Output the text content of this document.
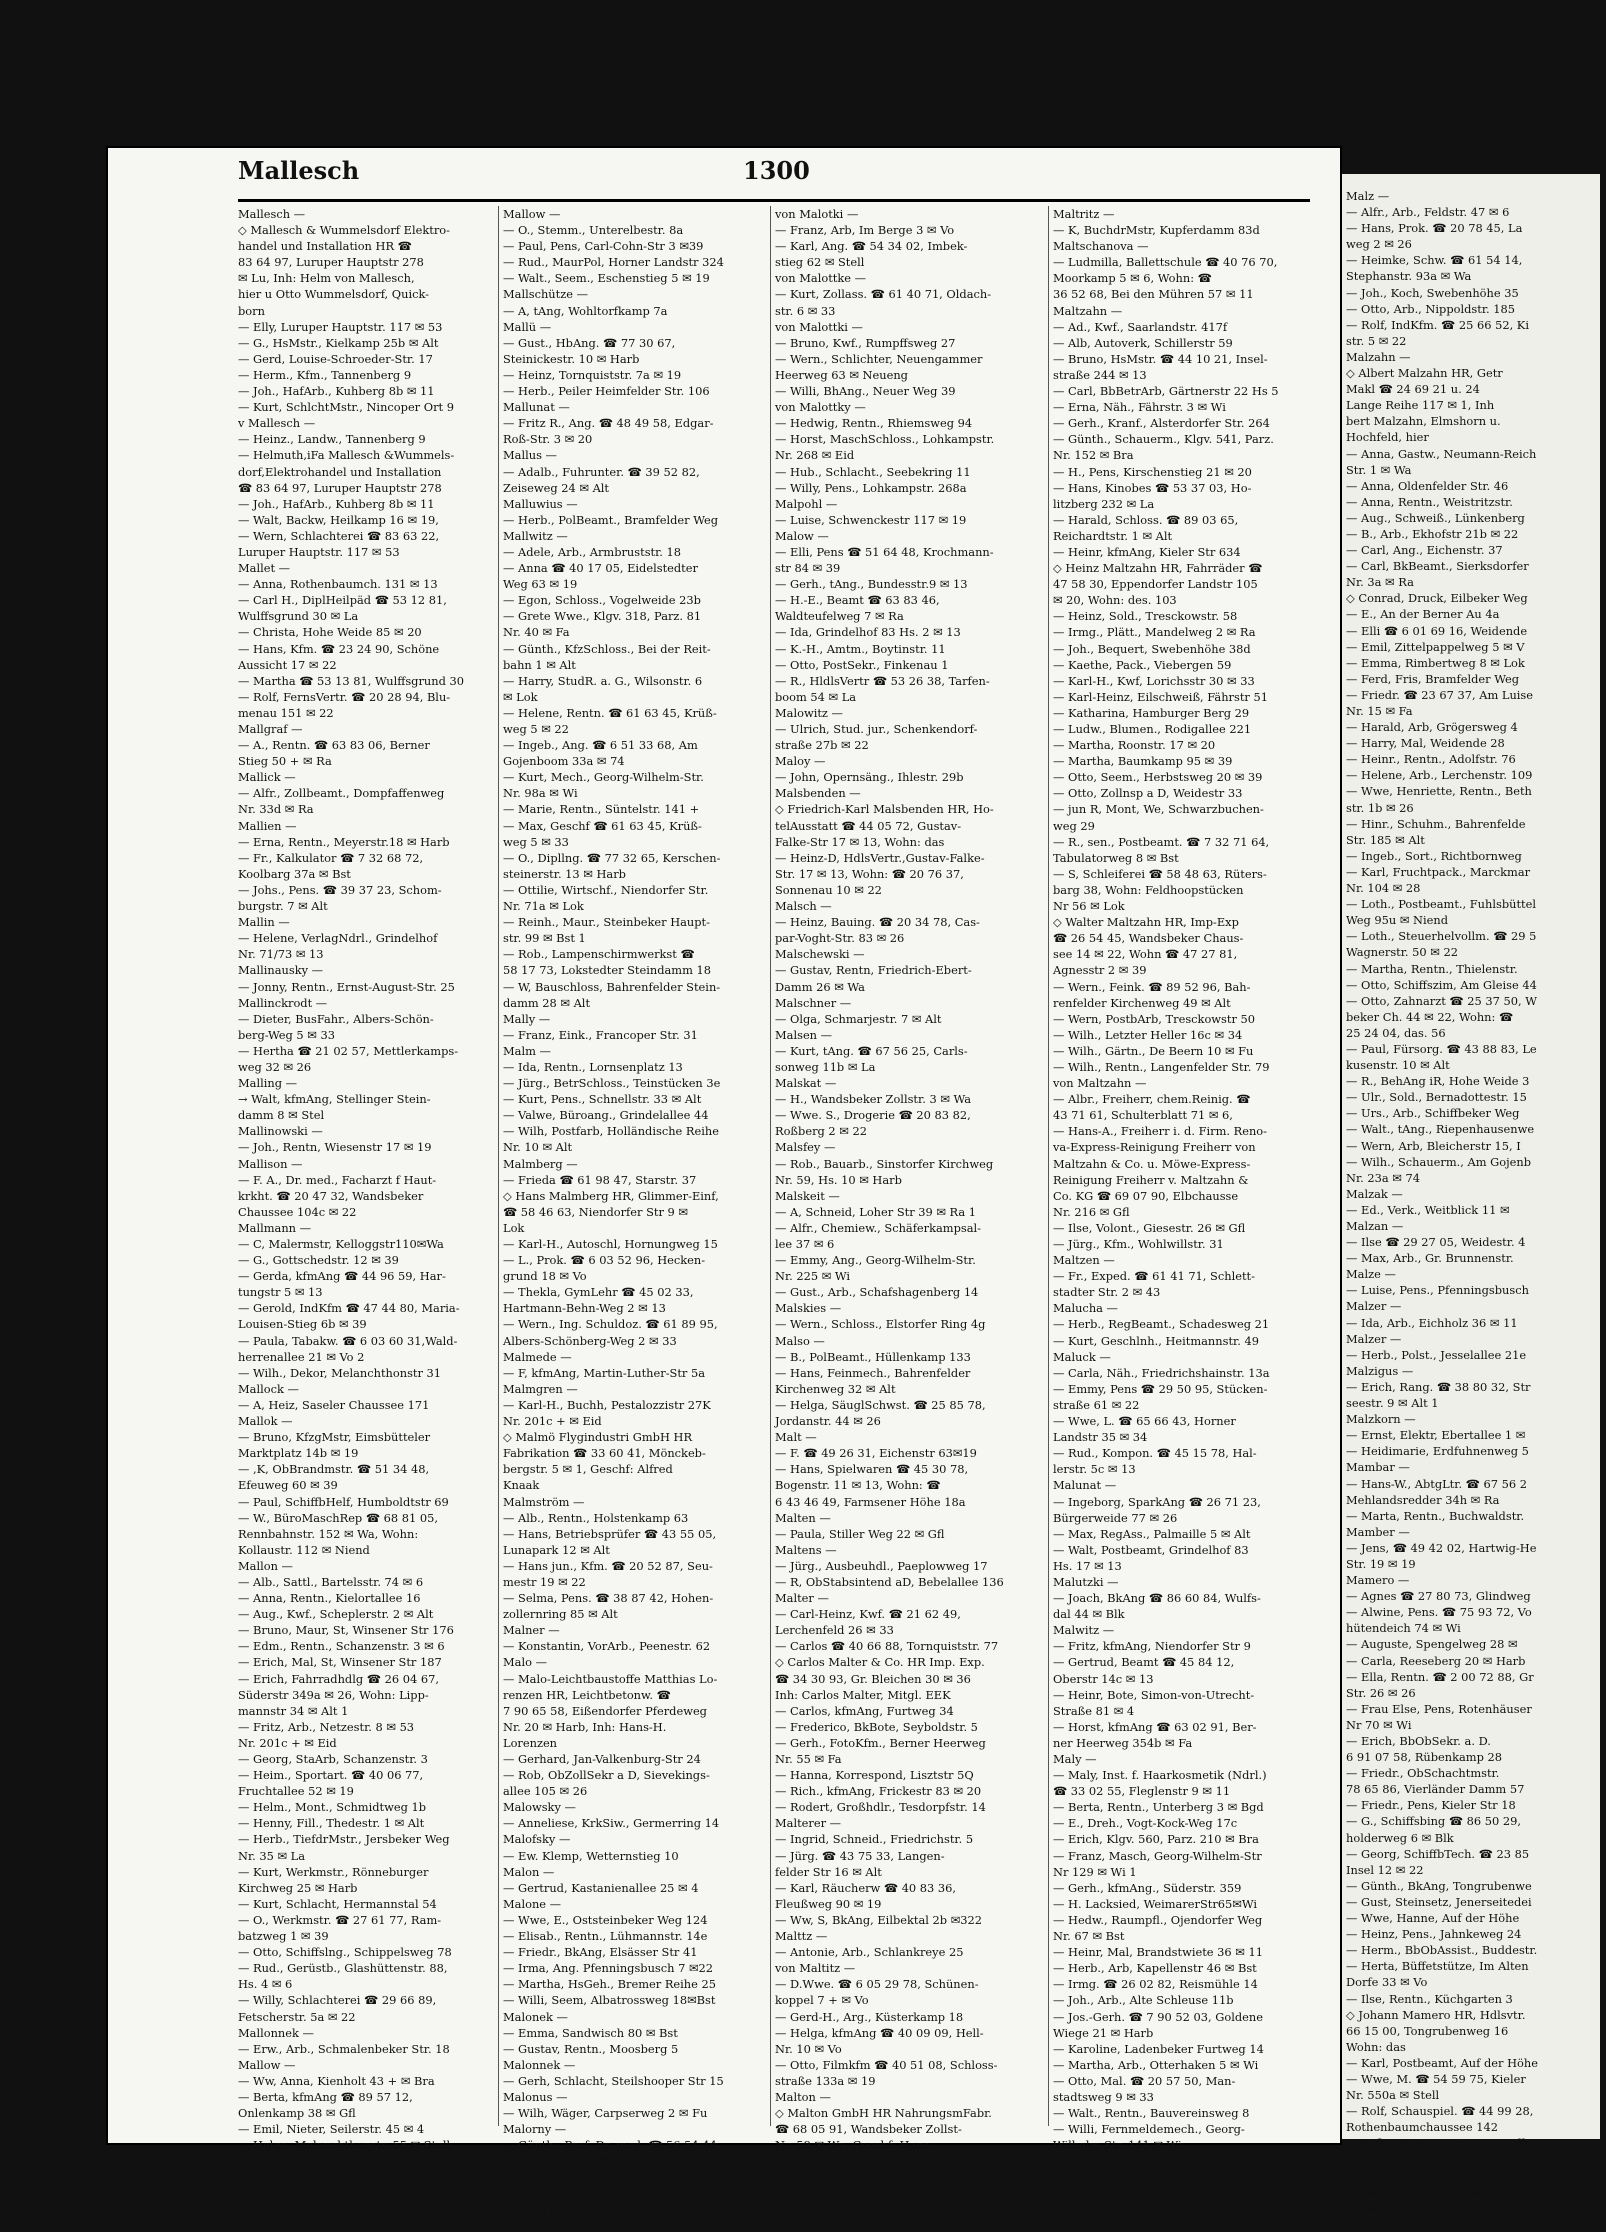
Malz —
— Alfr., Arb., Feldstr. 47 ✉ 6
— Hans, Prok. ☎ 20 78 45, La
weg 2 ✉ 26
— Heimke, Schw. ☎ 61 54 14,
Stephanstr. 93a ✉ Wa
— Joh., Koch, Swebenhöhe 35
— Otto, Arb., Nippoldstr. 185
— Rolf, IndKfm. ☎ 25 66 52, Ki
str. 5 ✉ 22
Malzahn —
◇ Albert Malzahn HR, Getr
Makl ☎ 24 69 21 u. 24
Lange Reihe 117 ✉ 1, Inh
bert Malzahn, Elmshorn u.
Hochfeld, hier
— Anna, Gastw., Neumann-Reich
Str. 1 ✉ Wa
— Anna, Oldenfelder Str. 46
— Anna, Rentn., Weistritzstr.
— Aug., Schweiß., Lünkenberg
— B., Arb., Ekhofstr 21b ✉ 22
— Carl, Ang., Eichenstr. 37
— Carl, BkBeamt., Sierksdorfer
Nr. 3a ✉ Ra
◇ Conrad, Druck, Eilbeker Weg
— E., An der Berner Au 4a
— Elli ☎ 6 01 69 16, Weidende
— Emil, Zittelpappelweg 5 ✉ V
— Emma, Rimbertweg 8 ✉ Lok
— Ferd, Fris, Bramfelder Weg
— Friedr. ☎ 23 67 37, Am Luise
Nr. 15 ✉ Fa
— Harald, Arb, Grögersweg 4
— Harry, Mal, Weidende 28
— Heinr., Rentn., Adolfstr. 76
— Helene, Arb., Lerchenstr. 109
— Wwe, Henriette, Rentn., Beth
str. 1b ✉ 26
— Hinr., Schuhm., Bahrenfelde
Str. 185 ✉ Alt
— Ingeb., Sort., Richtbornweg
— Karl, Fruchtpack., Marckmar
Nr. 104 ✉ 28
— Loth., Postbeamt., Fuhlsbüttel
Weg 95u ✉ Niend
— Loth., Steuerhelvollm. ☎ 29 5
Wagnerstr. 50 ✉ 22
— Martha, Rentn., Thielenstr.
— Otto, Schiffszim, Am Gleise 44
— Otto, Zahnarzt ☎ 25 37 50, W
beker Ch. 44 ✉ 22, Wohn: ☎
25 24 04, das. 56
— Paul, Fürsorg. ☎ 43 88 83, Le
kusenstr. 10 ✉ Alt
— R., BehAng iR, Hohe Weide 3
— Ulr., Sold., Bernadottestr. 15
— Urs., Arb., Schiffbeker Weg
— Walt., tAng., Riepenhausenwe
— Wern, Arb, Bleicherstr 15, I
— Wilh., Schauerm., Am Gojenb
Nr. 23a ✉ 74
Malzak —
— Ed., Verk., Weitblick 11 ✉
Malzan —
— Ilse ☎ 29 27 05, Weidestr. 4
— Max, Arb., Gr. Brunnenstr.
Malze —
— Luise, Pens., Pfenningsbusch
Malzer —
— Ida, Arb., Eichholz 36 ✉ 11
Malzer —
— Herb., Polst., Jesselallee 21e
Malzigus —
— Erich, Rang. ☎ 38 80 32, Str
seestr. 9 ✉ Alt 1
Malzkorn —
— Ernst, Elektr, Ebertallee 1 ✉
— Heidimarie, Erdfuhnenweg 5
Mambar —
— Hans-W., AbtgLtr. ☎ 67 56 2
Mehlandsredder 34h ✉ Ra
— Marta, Rentn., Buchwaldstr.
Mamber —
— Jens, ☎ 49 42 02, Hartwig-He
Str. 19 ✉ 19
Mamero —
— Agnes ☎ 27 80 73, Glindweg
— Alwine, Pens. ☎ 75 93 72, Vo
hütendeich 74 ✉ Wi
— Auguste, Spengelweg 28 ✉
— Carla, Reeseberg 20 ✉ Harb
— Ella, Rentn. ☎ 2 00 72 88, Gr
Str. 26 ✉ 26
— Frau Else, Pens, Rotenhäuser
Nr 70 ✉ Wi
— Erich, BbObSekr. a. D.
6 91 07 58, Rübenkamp 28
— Friedr., ObSchachtmstr.
78 65 86, Vierländer Damm 57
— Friedr., Pens, Kieler Str 18
— G., Schiffsbing ☎ 86 50 29,
holderweg 6 ✉ Blk
— Georg, SchiffbTech. ☎ 23 85
Insel 12 ✉ 22
— Günth., BkAng, Tongrubenwe
— Gust, Steinsetz, Jenerseitedei
— Wwe, Hanne, Auf der Höhe
— Heinz, Pens., Jahnkeweg 24
— Herm., BbObAssist., Buddestr.
— Herta, Büffetstütze, Im Alten
Dorfe 33 ✉ Vo
— Ilse, Rentn., Küchgarten 3
◇ Johann Mamero HR, Hdlsvtr.
66 15 00, Tongrubenweg 16
Wohn: das
— Karl, Postbeamt, Auf der Höhe
— Wwe, M. ☎ 54 59 75, Kieler
Nr. 550a ✉ Stell
— Rolf, Schauspiel. ☎ 44 99 28,
Rothenbaumchaussee 142
— Sofie, Pens., Hermann-Kauffm
Str. 27 ✉ 33
— Urs., Kfm., Hamburger Str 20
— Walt., Rentn., Illiesweg 10
— Walter, Milchhdl ☎ 40 76 74,
Eichenstraße 43 ✉ 19
Mallesch	1300
Mallesch —
◇ Mallesch & Wummelsdorf Elektro-
handel und Installation HR ☎
83 64 97, Luruper Hauptstr 278
✉ Lu, Inh: Helm von Mallesch,
hier u Otto Wummelsdorf, Quick-
born
— Elly, Luruper Hauptstr. 117 ✉ 53
— G., HsMstr., Kielkamp 25b ✉ Alt
— Gerd, Louise-Schroeder-Str. 17
— Herm., Kfm., Tannenberg 9
— Joh., HafArb., Kuhberg 8b ✉ 11
— Kurt, SchlchtMstr., Nincoper Ort 9
v Mallesch —
— Heinz., Landw., Tannenberg 9
— Helmuth,iFa Mallesch &Wummels-
dorf,Elektrohandel und Installation
☎ 83 64 97, Luruper Hauptstr 278
— Joh., HafArb., Kuhberg 8b ✉ 11
— Walt, Backw, Heilkamp 16 ✉ 19,
— Wern, Schlachterei ☎ 83 63 22,
Luruper Hauptstr. 117 ✉ 53
Mallet —
— Anna, Rothenbaumch. 131 ✉ 13
— Carl H., DiplHeilpäd ☎ 53 12 81,
Wulffsgrund 30 ✉ La
— Christa, Hohe Weide 85 ✉ 20
— Hans, Kfm. ☎ 23 24 90, Schöne
Aussicht 17 ✉ 22
— Martha ☎ 53 13 81, Wulffsgrund 30
— Rolf, FernsVertr. ☎ 20 28 94, Blu-
menau 151 ✉ 22
Mallgraf —
— A., Rentn. ☎ 63 83 06, Berner
Stieg 50 + ✉ Ra
Mallick —
— Alfr., Zollbeamt., Dompfaffenweg
Nr. 33d ✉ Ra
Mallien —
— Erna, Rentn., Meyerstr.18 ✉ Harb
— Fr., Kalkulator ☎ 7 32 68 72,
Koolbarg 37a ✉ Bst
— Johs., Pens. ☎ 39 37 23, Schom-
burgstr. 7 ✉ Alt
Mallin —
— Helene, VerlagNdrl., Grindelhof
Nr. 71/73 ✉ 13
Mallinausky —
— Jonny, Rentn., Ernst-August-Str. 25
Mallinckrodt —
— Dieter, BusFahr., Albers-Schön-
berg-Weg 5 ✉ 33
— Hertha ☎ 21 02 57, Mettlerkamps-
weg 32 ✉ 26
Malling —
→ Walt, kfmAng, Stellinger Stein-
damm 8 ✉ Stel
Mallinowski —
— Joh., Rentn, Wiesenstr 17 ✉ 19
Mallison —
— F. A., Dr. med., Facharzt f Haut-
krkht. ☎ 20 47 32, Wandsbeker
Chaussee 104c ✉ 22
Mallmann —
— C, Malermstr, Kelloggstr110✉Wa
— G., Gottschedstr. 12 ✉ 39
— Gerda, kfmAng ☎ 44 96 59, Har-
tungstr 5 ✉ 13
— Gerold, IndKfm ☎ 47 44 80, Maria-
Louisen-Stieg 6b ✉ 39
— Paula, Tabakw. ☎ 6 03 60 31,Wald-
herrenallee 21 ✉ Vo 2
— Wilh., Dekor, Melanchthonstr 31
Mallock —
— A, Heiz, Saseler Chaussee 171
Mallok —
— Bruno, KfzgMstr, Eimsbütteler
Marktplatz 14b ✉ 19
— ,K, ObBrandmstr. ☎ 51 34 48,
Efeuweg 60 ✉ 39
— Paul, SchiffbHelf, Humboldtstr 69
— W., BüroMaschRep ☎ 68 81 05,
Rennbahnstr. 152 ✉ Wa, Wohn:
Kollaustr. 112 ✉ Niend
Mallon —
— Alb., Sattl., Bartelsstr. 74 ✉ 6
— Anna, Rentn., Kielortallee 16
— Aug., Kwf., Scheplerstr. 2 ✉ Alt
— Bruno, Maur, St, Winsener Str 176
— Edm., Rentn., Schanzenstr. 3 ✉ 6
— Erich, Mal, St, Winsener Str 187
— Erich, Fahrradhdlg ☎ 26 04 67,
Süderstr 349a ✉ 26, Wohn: Lipp-
mannstr 34 ✉ Alt 1
— Fritz, Arb., Netzestr. 8 ✉ 53
Nr. 201c + ✉ Eid
— Georg, StaArb, Schanzenstr. 3
— Heim., Sportart. ☎ 40 06 77,
Fruchtallee 52 ✉ 19
— Helm., Mont., Schmidtweg 1b
— Henny, Fill., Thedestr. 1 ✉ Alt
— Herb., TiefdrMstr., Jersbeker Weg
Nr. 35 ✉ La
— Kurt, Werkmstr., Rönneburger
Kirchweg 25 ✉ Harb
— Kurt, Schlacht, Hermannstal 54
— O., Werkmstr. ☎ 27 61 77, Ram-
batzweg 1 ✉ 39
— Otto, Schiffslng., Schippelsweg 78
— Rud., Gerüstb., Glashüttenstr. 88,
Hs. 4 ✉ 6
— Willy, Schlachterei ☎ 29 66 89,
Fetscherstr. 5a ✉ 22
Mallonnek —
— Erw., Arb., Schmalenbeker Str. 18
Mallow —
— Ww, Anna, Kienholt 43 + ✉ Bra
— Berta, kfmAng ☎ 89 57 12,
Onlenkamp 38 ✉ Gfl
— Emil, Nieter, Seilerstr. 45 ✉ 4
— Helga, Melanchthonstr. 55 ✉ Stell
— Herm., Rentn., Immanuelstieg 3
— Leonh., Mal., Trebelstr. 21 ✉ 33
— Meta, Näh., Hellkamp 26 ✉ 19
Mallow —
— O., Stemm., Unterelbestr. 8a
— Paul, Pens, Carl-Cohn-Str 3 ✉39
— Rud., MaurPol, Horner Landstr 324
— Walt., Seem., Eschenstieg 5 ✉ 19
Mallschütze —
— A, tAng, Wohltorfkamp 7a
Mallü —
— Gust., HbAng. ☎ 77 30 67,
Steinickestr. 10 ✉ Harb
— Heinz, Tornquiststr. 7a ✉ 19
— Herb., Peiler Heimfelder Str. 106
Mallunat —
— Fritz R., Ang. ☎ 48 49 58, Edgar-
Roß-Str. 3 ✉ 20
Mallus —
— Adalb., Fuhrunter. ☎ 39 52 82,
Zeiseweg 24 ✉ Alt
Malluwius —
— Herb., PolBeamt., Bramfelder Weg
Mallwitz —
— Adele, Arb., Armbruststr. 18
— Anna ☎ 40 17 05, Eidelstedter
Weg 63 ✉ 19
— Egon, Schloss., Vogelweide 23b
— Grete Wwe., Klgv. 318, Parz. 81
Nr. 40 ✉ Fa
— Günth., KfzSchloss., Bei der Reit-
bahn 1 ✉ Alt
— Harry, StudR. a. G., Wilsonstr. 6
✉ Lok
— Helene, Rentn. ☎ 61 63 45, Krüß-
weg 5 ✉ 22
— Ingeb., Ang. ☎ 6 51 33 68, Am
Gojenboom 33a ✉ 74
— Kurt, Mech., Georg-Wilhelm-Str.
Nr. 98a ✉ Wi
— Marie, Rentn., Süntelstr. 141 +
— Max, Geschf ☎ 61 63 45, Krüß-
weg 5 ✉ 33
— O., Dipllng. ☎ 77 32 65, Kerschen-
steinerstr. 13 ✉ Harb
— Ottilie, Wirtschf., Niendorfer Str.
Nr. 71a ✉ Lok
— Reinh., Maur., Steinbeker Haupt-
str. 99 ✉ Bst 1
— Rob., Lampenschirmwerkst ☎
58 17 73, Lokstedter Steindamm 18
— W, Bauschloss, Bahrenfelder Stein-
damm 28 ✉ Alt
Mally —
— Franz, Eink., Francoper Str. 31
Malm —
— Ida, Rentn., Lornsenplatz 13
— Jürg., BetrSchloss., Teinstücken 3e
— Kurt, Pens., Schnellstr. 33 ✉ Alt
— Valwe, Büroang., Grindelallee 44
— Wilh, Postfarb, Holländische Reihe
Nr. 10 ✉ Alt
Malmberg —
— Frieda ☎ 61 98 47, Starstr. 37
◇ Hans Malmberg HR, Glimmer-Einf,
☎ 58 46 63, Niendorfer Str 9 ✉
Lok
— Karl-H., Autoschl, Hornungweg 15
— L., Prok. ☎ 6 03 52 96, Hecken-
grund 18 ✉ Vo
— Thekla, GymLehr ☎ 45 02 33,
Hartmann-Behn-Weg 2 ✉ 13
— Wern., Ing. Schuldoz. ☎ 61 89 95,
Albers-Schönberg-Weg 2 ✉ 33
Malmede —
— F, kfmAng, Martin-Luther-Str 5a
Malmgren —
— Karl-H., Buchh, Pestalozzistr 27K
Nr. 201c + ✉ Eid
◇ Malmö Flygindustri GmbH HR
Fabrikation ☎ 33 60 41, Mönckeb-
bergstr. 5 ✉ 1, Geschf: Alfred
Knaak
Malmström —
— Alb., Rentn., Holstenkamp 63
— Hans, Betriebsprüfer ☎ 43 55 05,
Lunapark 12 ✉ Alt
— Hans jun., Kfm. ☎ 20 52 87, Seu-
mestr 19 ✉ 22
— Selma, Pens. ☎ 38 87 42, Hohen-
zollernring 85 ✉ Alt
Malner —
— Konstantin, VorArb., Peenestr. 62
Malo —
— Malo-Leichtbaustoffe Matthias Lo-
renzen HR, Leichtbetonw. ☎
7 90 65 58, Eißendorfer Pferdeweg
Nr. 20 ✉ Harb, Inh: Hans-H.
Lorenzen
— Gerhard, Jan-Valkenburg-Str 24
— Rob, ObZollSekr a D, Sievekings-
allee 105 ✉ 26
Malowsky —
— Anneliese, KrkSiw., Germerring 14
Malofsky —
— Ew. Klemp, Wetternstieg 10
Malon —
— Gertrud, Kastanienallee 25 ✉ 4
Malone —
— Wwe, E., Oststeinbeker Weg 124
— Elisab., Rentn., Lühmannstr. 14e
— Friedr., BkAng, Elsässer Str 41
— Irma, Ang. Pfenningsbusch 7 ✉22
— Martha, HsGeh., Bremer Reihe 25
— Willi, Seem, Albatrossweg 18✉Bst
Malonek —
— Emma, Sandwisch 80 ✉ Bst
— Gustav, Rentn., Moosberg 5
Malonnek —
— Gerh, Schlacht, Steilshooper Str 15
Malonus —
— Wilh, Wäger, Carpserweg 2 ✉ Fu
Malorny —
— Günth., Prof. Dr. med. ☎ 56 54 44,
Hoheneichen 23 ✉ We
Malota —
— Wilfried, Steinmetz, Alsterdorfer
Str 538 ✉ Fu
von Malotki —
— Franz, Arb, Im Berge 3 ✉ Vo
— Karl, Ang. ☎ 54 34 02, Imbek-
stieg 62 ✉ Stell
von Malottke —
— Kurt, Zollass. ☎ 61 40 71, Oldach-
str. 6 ✉ 33
von Malottki —
— Bruno, Kwf., Rumpffsweg 27
— Wern., Schlichter, Neuengammer
Heerweg 63 ✉ Neueng
— Willi, BhAng., Neuer Weg 39
von Malottky —
— Hedwig, Rentn., Rhiemsweg 94
— Horst, MaschSchloss., Lohkampstr.
Nr. 268 ✉ Eid
— Hub., Schlacht., Seebekring 11
— Willy, Pens., Lohkampstr. 268a
Malpohl —
— Luise, Schwenckestr 117 ✉ 19
Malow —
— Elli, Pens ☎ 51 64 48, Krochmann-
str 84 ✉ 39
— Gerh., tAng., Bundesstr.9 ✉ 13
— H.-E., Beamt ☎ 63 83 46,
Waldteufelweg 7 ✉ Ra
— Ida, Grindelhof 83 Hs. 2 ✉ 13
— K.-H., Amtm., Boytinstr. 11
— Otto, PostSekr., Finkenau 1
— R., HldlsVertr ☎ 53 26 38, Tarfen-
boom 54 ✉ La
Malowitz —
— Ulrich, Stud. jur., Schenkendorf-
straße 27b ✉ 22
Maloy —
— John, Opernsäng., Ihlestr. 29b
Malsbenden —
◇ Friedrich-Karl Malsbenden HR, Ho-
telAusstatt ☎ 44 05 72, Gustav-
Falke-Str 17 ✉ 13, Wohn: das
— Heinz-D, HdlsVertr.,Gustav-Falke-
Str. 17 ✉ 13, Wohn: ☎ 20 76 37,
Sonnenau 10 ✉ 22
Malsch —
— Heinz, Bauing. ☎ 20 34 78, Cas-
par-Voght-Str. 83 ✉ 26
Malschewski —
— Gustav, Rentn, Friedrich-Ebert-
Damm 26 ✉ Wa
Malschner —
— Olga, Schmarjestr. 7 ✉ Alt
Malsen —
— Kurt, tAng. ☎ 67 56 25, Carls-
sonweg 11b ✉ La
Malskat —
— H., Wandsbeker Zollstr. 3 ✉ Wa
— Wwe. S., Drogerie ☎ 20 83 82,
Roßberg 2 ✉ 22
Malsfey —
— Rob., Bauarb., Sinstorfer Kirchweg
Nr. 59, Hs. 10 ✉ Harb
Malskeit —
— A, Schneid, Loher Str 39 ✉ Ra 1
— Alfr., Chemiew., Schäferkampsal-
lee 37 ✉ 6
— Emmy, Ang., Georg-Wilhelm-Str.
Nr. 225 ✉ Wi
— Gust., Arb., Schafshagenberg 14
Malskies —
— Wern., Schloss., Elstorfer Ring 4g
Malso —
— B., PolBeamt., Hüllenkamp 133
— Hans, Feinmech., Bahrenfelder
Kirchenweg 32 ✉ Alt
— Helga, SäuglSchwst. ☎ 25 85 78,
Jordanstr. 44 ✉ 26
Malt —
— F. ☎ 49 26 31, Eichenstr 63✉19
— Hans, Spielwaren ☎ 45 30 78,
Bogenstr. 11 ✉ 13, Wohn: ☎
6 43 46 49, Farmsener Höhe 18a
Malten —
— Paula, Stiller Weg 22 ✉ Gfl
Maltens —
— Jürg., Ausbeuhdl., Paeplowweg 17
— R, ObStabsintend aD, Bebelallee 136
Malter —
— Carl-Heinz, Kwf. ☎ 21 62 49,
Lerchenfeld 26 ✉ 33
— Carlos ☎ 40 66 88, Tornquiststr. 77
◇ Carlos Malter & Co. HR Imp. Exp.
☎ 34 30 93, Gr. Bleichen 30 ✉ 36
Inh: Carlos Malter, Mitgl. EEK
— Carlos, kfmAng, Furtweg 34
— Frederico, BkBote, Seyboldstr. 5
— Gerh., FotoKfm., Berner Heerweg
Nr. 55 ✉ Fa
— Hanna, Korrespond, Lisztstr 5Q
— Rich., kfmAng, Frickestr 83 ✉ 20
— Rodert, Großhdlr., Tesdorpfstr. 14
Malterer —
— Ingrid, Schneid., Friedrichstr. 5
— Jürg. ☎ 43 75 33, Langen-
felder Str 16 ✉ Alt
— Karl, Räucherw ☎ 40 83 36,
Fleußweg 90 ✉ 19
— Ww, S, BkAng, Eilbektal 2b ✉322
Malttz —
— Antonie, Arb., Schlankreye 25
von Maltitz —
— D.Wwe. ☎ 6 05 29 78, Schünen-
koppel 7 + ✉ Vo
— Gerd-H., Arg., Küsterkamp 18
— Helga, kfmAng ☎ 40 09 09, Hell-
Nr. 10 ✉ Vo
— Otto, Filmkfm ☎ 40 51 08, Schloss-
straße 133a ✉ 19
Malton —
◇ Malton GmbH HR NahrungsmFabr.
☎ 68 05 91, Wandsbeker Zollst-
Nr. 59 ✉ Wa, Geschf: Hans
Schara u. Kurt Vogel
Maltritz —
— K, BuchdrMstr, Kupferdamm 83d
Maltschanova —
— Ludmilla, Ballettschule ☎ 40 76 70,
Moorkamp 5 ✉ 6, Wohn: ☎
36 52 68, Bei den Mühren 57 ✉ 11
Maltzahn —
— Ad., Kwf., Saarlandstr. 417f
— Alb, Autoverk, Schillerstr 59
— Bruno, HsMstr. ☎ 44 10 21, Insel-
straße 244 ✉ 13
— Carl, BbBetrArb, Gärtnerstr 22 Hs 5
— Erna, Näh., Fährstr. 3 ✉ Wi
— Gerh., Kranf., Alsterdorfer Str. 264
— Günth., Schauerm., Klgv. 541, Parz.
Nr. 152 ✉ Bra
— H., Pens, Kirschenstieg 21 ✉ 20
— Hans, Kinobes ☎ 53 37 03, Ho-
litzberg 232 ✉ La
— Harald, Schloss. ☎ 89 03 65,
Reichardtstr. 1 ✉ Alt
— Heinr, kfmAng, Kieler Str 634
◇ Heinz Maltzahn HR, Fahrräder ☎
47 58 30, Eppendorfer Landstr 105
✉ 20, Wohn: des. 103
— Heinz, Sold., Tresckowstr. 58
— Irmg., Plätt., Mandelweg 2 ✉ Ra
— Joh., Bequert, Swebenhöhe 38d
— Kaethe, Pack., Viebergen 59
— Karl-H., Kwf, Lorichsstr 30 ✉ 33
— Karl-Heinz, Eilschweiß, Fährstr 51
— Katharina, Hamburger Berg 29
— Ludw., Blumen., Rodigallee 221
— Martha, Roonstr. 17 ✉ 20
— Martha, Baumkamp 95 ✉ 39
— Otto, Seem., Herbstsweg 20 ✉ 39
— Otto, Zollnsp a D, Weidestr 33
— jun R, Mont, We, Schwarzbuchen-
weg 29
— R., sen., Postbeamt. ☎ 7 32 71 64,
Tabulatorweg 8 ✉ Bst
— S, Schleiferei ☎ 58 48 63, Rüters-
barg 38, Wohn: Feldhoopstücken
Nr 56 ✉ Lok
◇ Walter Maltzahn HR, Imp-Exp
☎ 26 54 45, Wandsbeker Chaus-
see 14 ✉ 22, Wohn ☎ 47 27 81,
Agnesstr 2 ✉ 39
— Wern., Feink. ☎ 89 52 96, Bah-
renfelder Kirchenweg 49 ✉ Alt
— Wern, PostbArb, Tresckowstr 50
— Wilh., Letzter Heller 16c ✉ 34
— Wilh., Gärtn., De Beern 10 ✉ Fu
— Wilh., Rentn., Langenfelder Str. 79
von Maltzahn —
— Albr., Freiherr, chem.Reinig. ☎
43 71 61, Schulterblatt 71 ✉ 6,
— Hans-A., Freiherr i. d. Firm. Reno-
va-Express-Reinigung Freiherr von
Maltzahn & Co. u. Möwe-Express-
Reinigung Freiherr v. Maltzahn &
Co. KG ☎ 69 07 90, Elbchausse
Nr. 216 ✉ Gfl
— Ilse, Volont., Giesestr. 26 ✉ Gfl
— Jürg., Kfm., Wohlwillstr. 31
Maltzen —
— Fr., Exped. ☎ 61 41 71, Schlett-
stadter Str. 2 ✉ 43
Malucha —
— Herb., RegBeamt., Schadesweg 21
— Kurt, Geschlnh., Heitmannstr. 49
Maluck —
— Carla, Näh., Friedrichshainstr. 13a
— Emmy, Pens ☎ 29 50 95, Stücken-
straße 61 ✉ 22
— Wwe, L. ☎ 65 66 43, Horner
Landstr 35 ✉ 34
— Rud., Kompon. ☎ 45 15 78, Hal-
lerstr. 5c ✉ 13
Malunat —
— Ingeborg, SparkAng ☎ 26 71 23,
Bürgerweide 77 ✉ 26
— Max, RegAss., Palmaille 5 ✉ Alt
— Walt, Postbeamt, Grindelhof 83
Hs. 17 ✉ 13
Malutzki —
— Joach, BkAng ☎ 86 60 84, Wulfs-
dal 44 ✉ Blk
Malwitz —
— Fritz, kfmAng, Niendorfer Str 9
— Gertrud, Beamt ☎ 45 84 12,
Oberstr 14c ✉ 13
— Heinr, Bote, Simon-von-Utrecht-
Straße 81 ✉ 4
— Horst, kfmAng ☎ 63 02 91, Ber-
ner Heerweg 354b ✉ Fa
Maly —
— Maly, Inst. f. Haarkosmetik (Ndrl.)
☎ 33 02 55, Fleglenstr 9 ✉ 11
— Berta, Rentn., Unterberg 3 ✉ Bgd
— E., Dreh., Vogt-Kock-Weg 17c
— Erich, Klgv. 560, Parz. 210 ✉ Bra
— Franz, Masch, Georg-Wilhelm-Str
Nr 129 ✉ Wi 1
— Gerh., kfmAng., Süderstr. 359
— H. Lacksied, WeimarerStr65✉Wi
— Hedw., Raumpfl., Ojendorfer Weg
Nr. 67 ✉ Bst
— Heinr, Mal, Brandstwiete 36 ✉ 11
— Herb., Arb, Kapellenstr 46 ✉ Bst
— Irmg. ☎ 26 02 82, Reismühle 14
— Joh., Arb., Alte Schleuse 11b
— Jos.-Gerh. ☎ 7 90 52 03, Goldene
Wiege 21 ✉ Harb
— Karoline, Ladenbeker Furtweg 14
— Martha, Arb., Otterhaken 5 ✉ Wi
— Otto, Mal. ☎ 20 57 50, Man-
stadtsweg 9 ✉ 33
— Walt., Rentn., Bauvereinsweg 8
— Willi, Fernmeldemech., Georg-
Wilhelm-Str. 141 ✉ Wi
Malyja —
— Wladisl, Arb. Bauvereinsweg 8
Malyga —
— Wilh., Postassist., Peenestr. 28
